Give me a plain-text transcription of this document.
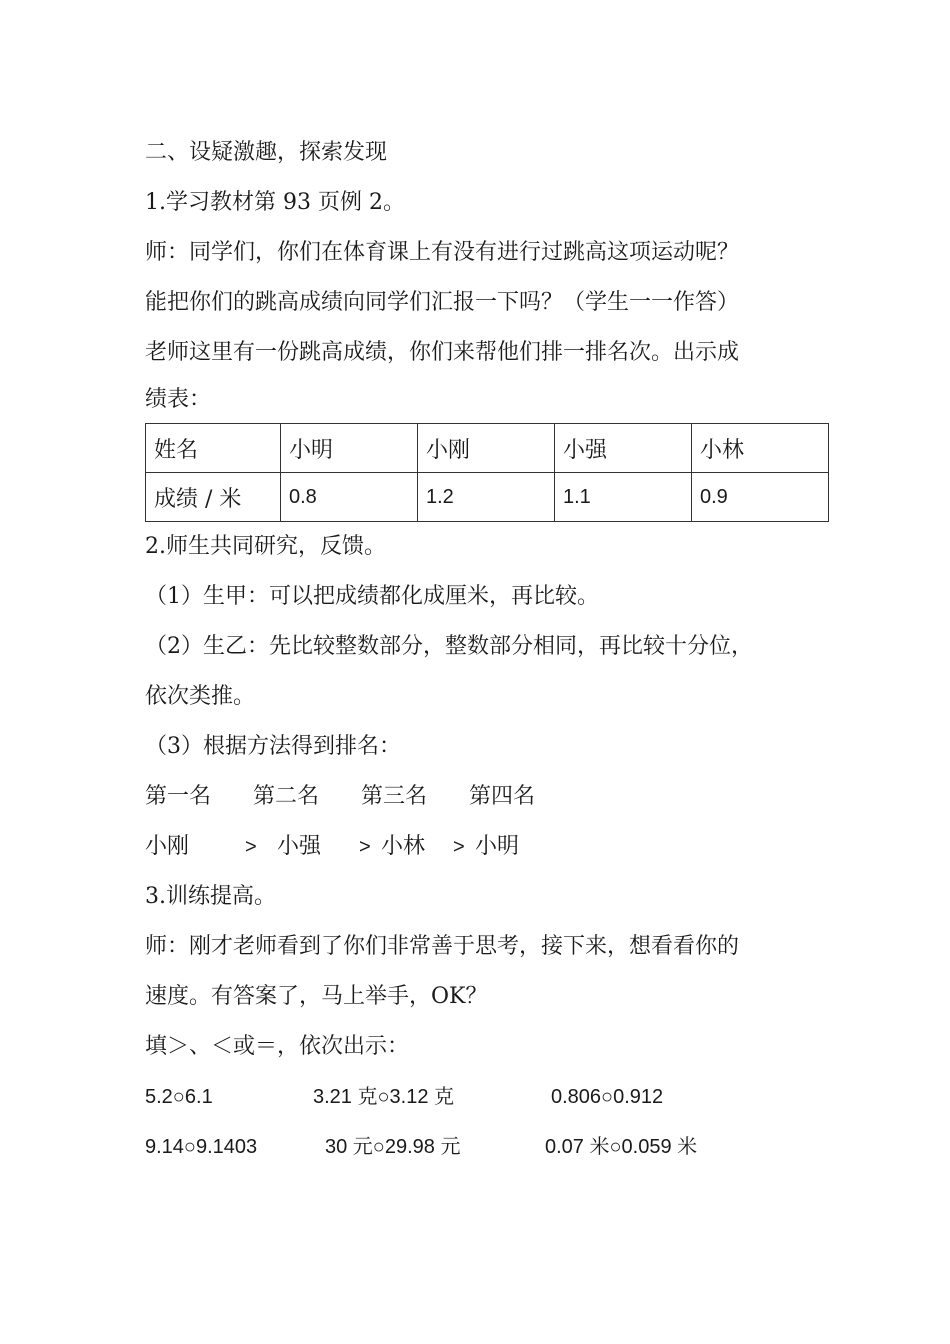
二、设疑激趣，探索发现
1.学习教材第 93 页例 2。
师：同学们，你们在体育课上有没有进行过跳高这项运动呢？
能把你们的跳高成绩向同学们汇报一下吗？（学生一一作答）
老师这里有一份跳高成绩，你们来帮他们排一排名次。出示成
绩表：
姓名	小明	小刚	小强	小林
成绩 / 米	0.8	1.2	1.1	0.9
2.师生共同研究，反馈。
（1）生甲：可以把成绩都化成厘米，再比较。
（2）生乙：先比较整数部分，整数部分相同，再比较十分位，
依次类推。
（3）根据方法得到排名：
第一名	第二名	第三名	第四名
小刚	> 小强	> 小林	> 小明
3.训练提高。
师：刚才老师看到了你们非常善于思考，接下来，想看看你的
速度。有答案了，马上举手，OK？
填＞、＜或＝，依次出示：
5.2○6.1	3.21 克○3.12 克	0.806○0.912
9.14○9.1403	30 元○29.98 元	0.07 米○0.059 米
